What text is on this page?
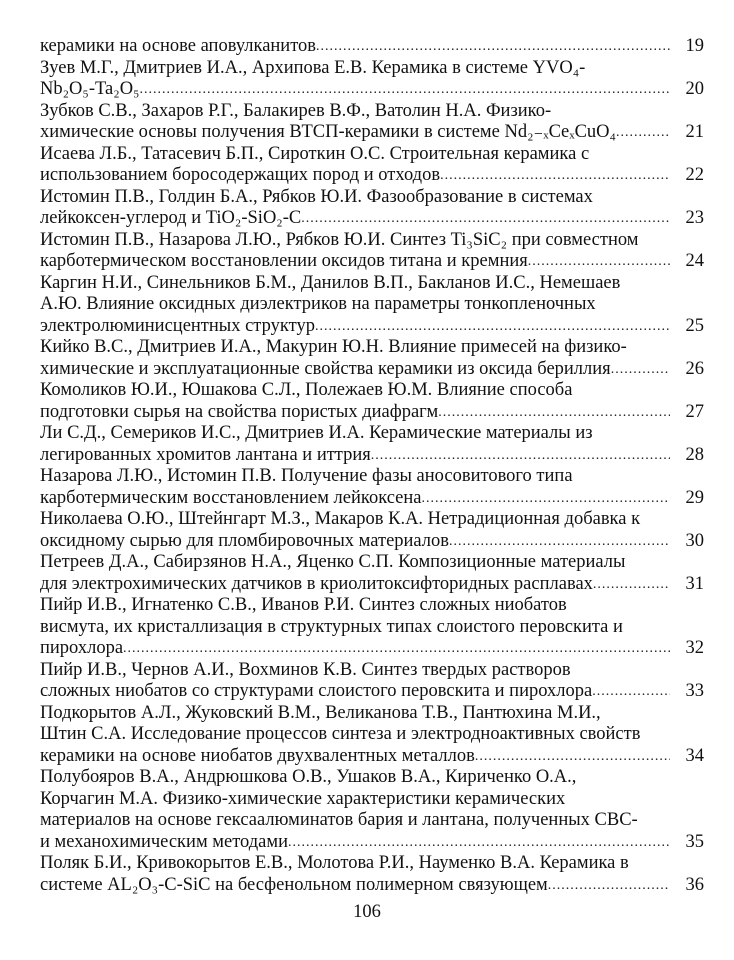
керамики на основе аповулканитов .....	19
Зуев М.Г., Дмитриев И.А., Архипова Е.В. Керамика в системе YVO₄-
Nb₂O₅-Ta₂O₅ .....	20
Зубков С.В., Захаров Р.Г., Балакирев В.Ф., Ватолин Н.А. Физико-
химические основы получения ВТСП-керамики в системе Nd₂₋ₓCeₓCuO₄ .....	21
Исаева Л.Б., Татасевич Б.П., Сироткин О.С. Строительная керамика с
использованием боросодержащих пород и отходов .....	22
Истомин П.В., Голдин Б.А., Рябков Ю.И. Фазообразование в системах
лейкоксен-углерод и TiO₂-SiO₂-C .....	23
Истомин П.В., Назарова Л.Ю., Рябков Ю.И. Синтез Ti₃SiC₂ при совместном
карботермическом восстановлении оксидов титана и кремния .....	24
Каргин Н.И., Синельников Б.М., Данилов В.П., Бакланов И.С., Немешаев
А.Ю. Влияние оксидных диэлектриков на параметры тонкопленочных
электролюминисцентных структур .....	25
Кийко В.С., Дмитриев И.А., Макурин Ю.Н. Влияние примесей на физико-
химические и эксплуатационные свойства керамики из оксида бериллия .....	26
Комоликов Ю.И., Юшакова С.Л., Полежаев Ю.М. Влияние способа
подготовки сырья на свойства пористых диафрагм .....	27
Ли С.Д., Семериков И.С., Дмитриев И.А. Керамические материалы из
легированных хромитов лантана и иттрия .....	28
Назарова Л.Ю., Истомин П.В. Получение фазы аносовитового типа
карботермическим восстановлением лейкоксена .....	29
Николаева О.Ю., Штейнгарт М.З., Макаров К.А. Нетрадиционная добавка к
оксидному сырью для пломбировочных материалов .....	30
Петреев Д.А., Сабирзянов Н.А., Яценко С.П. Композиционные материалы
для электрохимических датчиков в криолитоксифторидных расплавах .....	31
Пийр И.В., Игнатенко С.В., Иванов Р.И. Синтез сложных ниобатов
висмута, их кристаллизация в структурных типах слоистого перовскита и
пирохлора .....	32
Пийр И.В., Чернов А.И., Вохминов К.В. Синтез твердых растворов
сложных ниобатов со структурами слоистого перовскита и пирохлора .....	33
Подкорытов А.Л., Жуковский В.М., Великанова Т.В., Пантюхина М.И.,
Штин С.А. Исследование процессов синтеза и электродноактивных свойств
керамики на основе ниобатов двухвалентных металлов .....	34
Полубояров В.А., Андрюшкова О.В., Ушаков В.А., Кириченко О.А.,
Корчагин М.А. Физико-химические характеристики керамических
материалов на основе гексаалюминатов бария и лантана, полученных СВС-
и механохимическим методами .....	35
Поляк Б.И., Кривокорытов Е.В., Молотова Р.И., Науменко В.А. Керамика в
системе AL₂O₃-C-SiC на бесфенольном полимерном связующем .....	36
106
